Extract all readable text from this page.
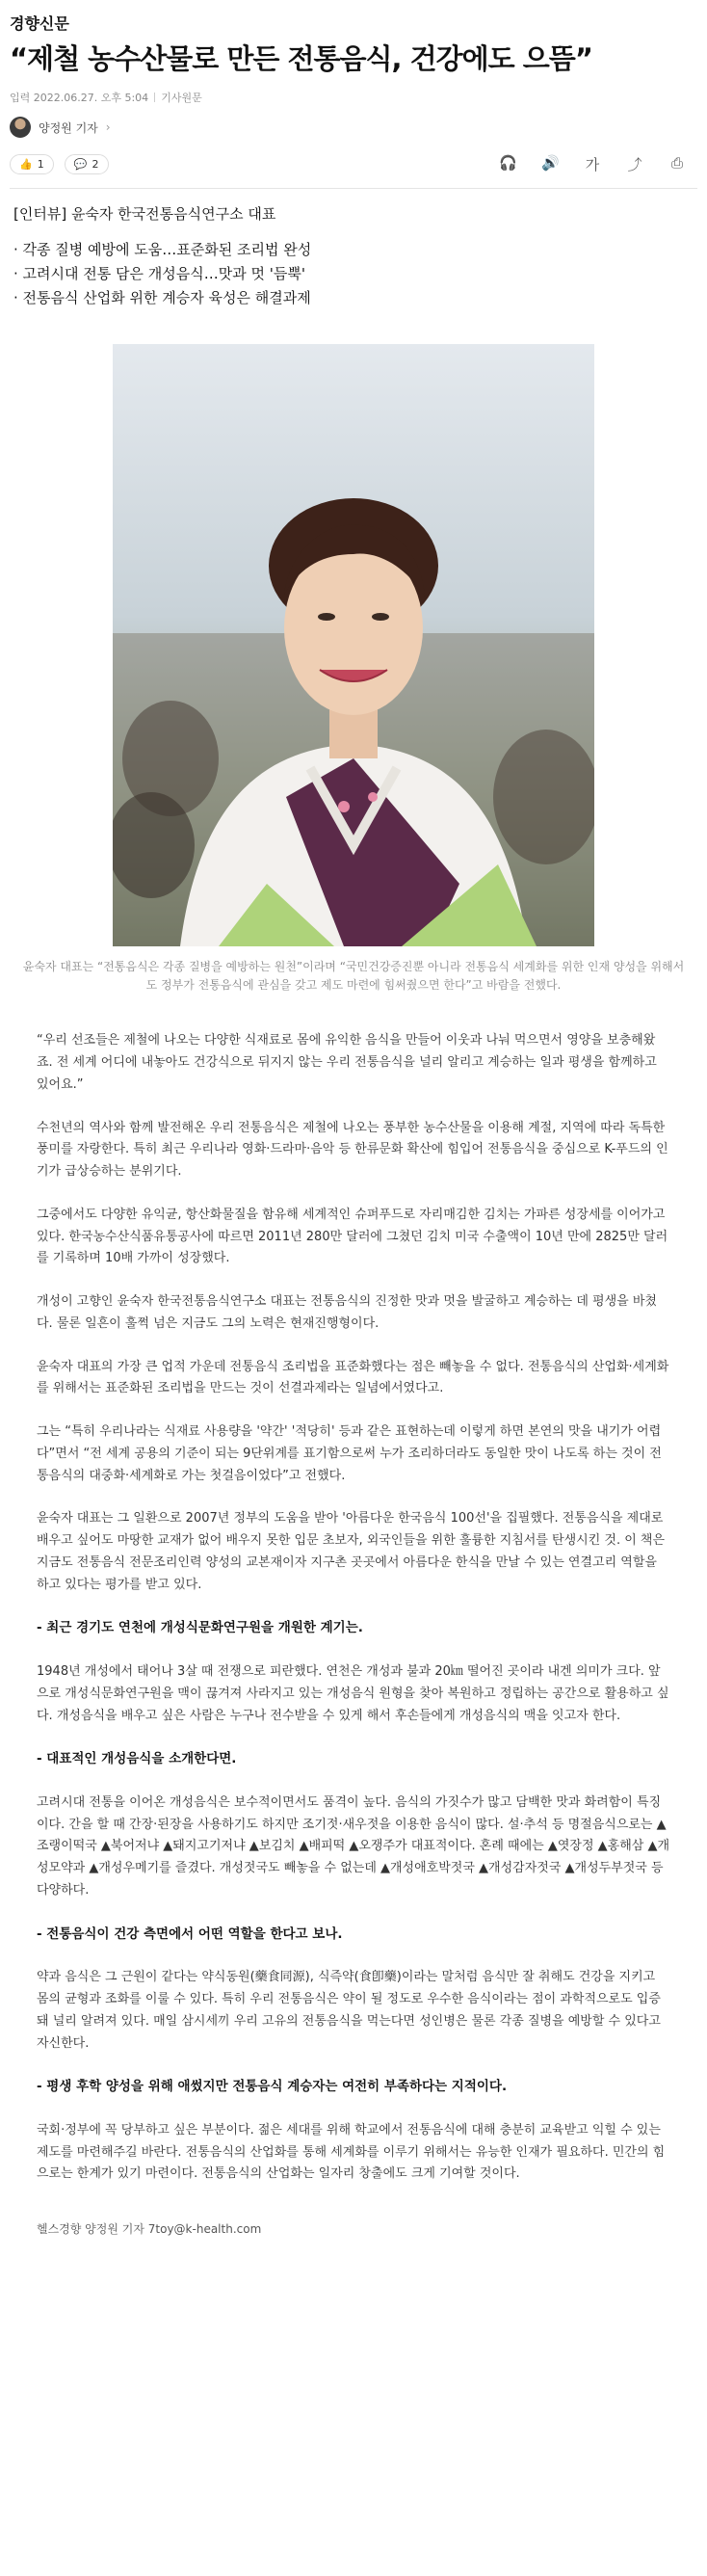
경향신문
“제철 농수산물로 만든 전통음식, 건강에도 으뜸”
입력 2022.06.27. 오후 5:04 기사원문
양정원 기자 ›
👍 1
	💬 2	🎧 🔊 가 ⤴ ⎙
[인터뷰] 윤숙자 한국전통음식연구소 대표
· 각종 질병 예방에 도움…표준화된 조리법 완성
· 고려시대 전통 담은 개성음식…맛과 멋 '듬뿍'
· 전통음식 산업화 위한 계승자 육성은 해결과제
윤숙자 대표는 “전통음식은 각종 질병을 예방하는 원천”이라며 “국민건강증진뿐 아니라 전통음식 세계화를 위한 인재 양성을 위해서도 정부가 전통음식에 관심을 갖고 제도 마련에 힘써줬으면 한다”고 바람을 전했다.

“우리 선조들은 제철에 나오는 다양한 식재료로 몸에 유익한 음식을 만들어 이웃과 나눠 먹으면서 영양을 보충해왔죠. 전 세계 어디에 내놓아도 건강식으로 뒤지지 않는 우리 전통음식을 널리 알리고 계승하는 일과 평생을 함께하고 있어요.”

수천년의 역사와 함께 발전해온 우리 전통음식은 제철에 나오는 풍부한 농수산물을 이용해 계절, 지역에 따라 독특한 풍미를 자랑한다. 특히 최근 우리나라 영화·드라마·음악 등 한류문화 확산에 힘입어 전통음식을 중심으로 K-푸드의 인기가 급상승하는 분위기다.

그중에서도 다양한 유익균, 항산화물질을 함유해 세계적인 슈퍼푸드로 자리매김한 김치는 가파른 성장세를 이어가고 있다. 한국농수산식품유통공사에 따르면 2011년 280만 달러에 그쳤던 김치 미국 수출액이 10년 만에 2825만 달러를 기록하며 10배 가까이 성장했다.

개성이 고향인 윤숙자 한국전통음식연구소 대표는 전통음식의 진정한 맛과 멋을 발굴하고 계승하는 데 평생을 바쳤다. 물론 일흔이 훌쩍 넘은 지금도 그의 노력은 현재진행형이다.

윤숙자 대표의 가장 큰 업적 가운데 전통음식 조리법을 표준화했다는 점은 빼놓을 수 없다. 전통음식의 산업화·세계화를 위해서는 표준화된 조리법을 만드는 것이 선결과제라는 일념에서였다고.

그는 “특히 우리나라는 식재료 사용량을 '약간' '적당히' 등과 같은 표현하는데 이렇게 하면 본연의 맛을 내기가 어렵다”면서 “전 세계 공용의 기준이 되는 9단위계를 표기함으로써 누가 조리하더라도 동일한 맛이 나도록 하는 것이 전통음식의 대중화·세계화로 가는 첫걸음이었다”고 전했다.

윤숙자 대표는 그 일환으로 2007년 정부의 도움을 받아 '아름다운 한국음식 100선'을 집필했다. 전통음식을 제대로 배우고 싶어도 마땅한 교재가 없어 배우지 못한 입문 초보자, 외국인들을 위한 훌륭한 지침서를 탄생시킨 것. 이 책은 지금도 전통음식 전문조리인력 양성의 교본재이자 지구촌 곳곳에서 아름다운 한식을 만날 수 있는 연결고리 역할을 하고 있다는 평가를 받고 있다.

- 최근 경기도 연천에 개성식문화연구원을 개원한 계기는.

1948년 개성에서 태어나 3살 때 전쟁으로 피란했다. 연천은 개성과 불과 20㎞ 떨어진 곳이라 내겐 의미가 크다. 앞으로 개성식문화연구원을 맥이 끊겨져 사라지고 있는 개성음식 원형을 찾아 복원하고 정립하는 공간으로 활용하고 싶다. 개성음식을 배우고 싶은 사람은 누구나 전수받을 수 있게 해서 후손들에게 개성음식의 맥을 잇고자 한다.

- 대표적인 개성음식을 소개한다면.

고려시대 전통을 이어온 개성음식은 보수적이면서도 품격이 높다. 음식의 가짓수가 많고 담백한 맛과 화려함이 특징이다. 간을 할 때 간장·된장을 사용하기도 하지만 조기젓·새우젓을 이용한 음식이 많다. 설·추석 등 명절음식으로는 ▲조랭이떡국 ▲북어저냐 ▲돼지고기저냐 ▲보김치 ▲배피떡 ▲오쟁주가 대표적이다. 혼례 때에는 ▲엿장정 ▲홍해삼 ▲개성모약과 ▲개성우메기를 즐겼다. 개성젓국도 빼놓을 수 없는데 ▲개성애호박젓국 ▲개성감자젓국 ▲개성두부젓국 등 다양하다.

- 전통음식이 건강 측면에서 어떤 역할을 한다고 보나.

약과 음식은 그 근원이 같다는 약식동원(藥食同源), 식즉약(食卽藥)이라는 말처럼 음식만 잘 취해도 건강을 지키고 몸의 균형과 조화를 이룰 수 있다. 특히 우리 전통음식은 약이 될 정도로 우수한 음식이라는 점이 과학적으로도 입증돼 널리 알려져 있다. 매일 삼시세끼 우리 고유의 전통음식을 먹는다면 성인병은 물론 각종 질병을 예방할 수 있다고 자신한다.

- 평생 후학 양성을 위해 애썼지만 전통음식 계승자는 여전히 부족하다는 지적이다.

국회·정부에 꼭 당부하고 싶은 부분이다. 젊은 세대를 위해 학교에서 전통음식에 대해 충분히 교육받고 익힐 수 있는 제도를 마련해주길 바란다. 전통음식의 산업화를 통해 세계화를 이루기 위해서는 유능한 인재가 필요하다. 민간의 힘으로는 한계가 있기 마련이다. 전통음식의 산업화는 일자리 창출에도 크게 기여할 것이다.

헬스경향 양정원 기자 7toy@k-health.com
